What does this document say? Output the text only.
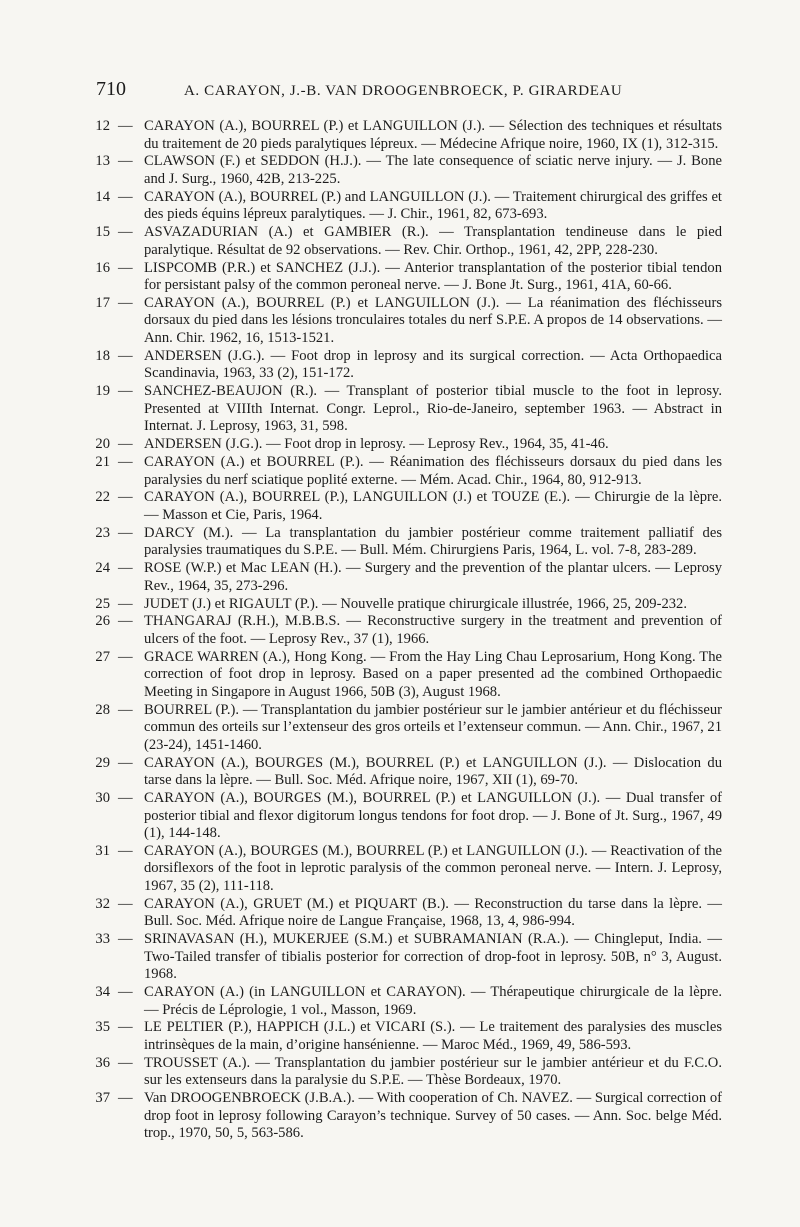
710	A. CARAYON, J.-B. VAN DROOGENBROECK, P. GIRARDEAU
12 — CARAYON (A.), BOURREL (P.) et LANGUILLON (J.). — Sélection des techniques et résultats du traitement de 20 pieds paralytiques lépreux. — Médecine Afrique noire, 1960, IX (1), 312-315.
13 — CLAWSON (F.) et SEDDON (H.J.). — The late consequence of sciatic nerve injury. — J. Bone and J. Surg., 1960, 42B, 213-225.
14 — CARAYON (A.), BOURREL (P.) and LANGUILLON (J.). — Traitement chirurgical des griffes et des pieds équins lépreux paralytiques. — J. Chir., 1961, 82, 673-693.
15 — ASVAZADURIAN (A.) et GAMBIER (R.). — Transplantation tendineuse dans le pied paralytique. Résultat de 92 observations. — Rev. Chir. Orthop., 1961, 42, 2PP, 228-230.
16 — LISPCOMB (P.R.) et SANCHEZ (J.J.). — Anterior transplantation of the posterior tibial tendon for persistant palsy of the common peroneal nerve. — J. Bone Jt. Surg., 1961, 41A, 60-66.
17 — CARAYON (A.), BOURREL (P.) et LANGUILLON (J.). — La réanimation des fléchisseurs dorsaux du pied dans les lésions tronculaires totales du nerf S.P.E. A propos de 14 observations. — Ann. Chir. 1962, 16, 1513-1521.
18 — ANDERSEN (J.G.). — Foot drop in leprosy and its surgical correction. — Acta Orthopaedica Scandinavia, 1963, 33 (2), 151-172.
19 — SANCHEZ-BEAUJON (R.). — Transplant of posterior tibial muscle to the foot in leprosy. Presented at VIIIth Internat. Congr. Leprol., Rio-de-Janeiro, september 1963. — Abstract in Internat. J. Leprosy, 1963, 31, 598.
20 — ANDERSEN (J.G.). — Foot drop in leprosy. — Leprosy Rev., 1964, 35, 41-46.
21 — CARAYON (A.) et BOURREL (P.). — Réanimation des fléchisseurs dorsaux du pied dans les paralysies du nerf sciatique poplité externe. — Mém. Acad. Chir., 1964, 80, 912-913.
22 — CARAYON (A.), BOURREL (P.), LANGUILLON (J.) et TOUZE (E.). — Chirurgie de la lèpre. — Masson et Cie, Paris, 1964.
23 — DARCY (M.). — La transplantation du jambier postérieur comme traitement palliatif des paralysies traumatiques du S.P.E. — Bull. Mém. Chirurgiens Paris, 1964, L. vol. 7-8, 283-289.
24 — ROSE (W.P.) et Mac LEAN (H.). — Surgery and the prevention of the plantar ulcers. — Leprosy Rev., 1964, 35, 273-296.
25 — JUDET (J.) et RIGAULT (P.). — Nouvelle pratique chirurgicale illustrée, 1966, 25, 209-232.
26 — THANGARAJ (R.H.), M.B.B.S. — Reconstructive surgery in the treatment and prevention of ulcers of the foot. — Leprosy Rev., 37 (1), 1966.
27 — GRACE WARREN (A.), Hong Kong. — From the Hay Ling Chau Leprosarium, Hong Kong. The correction of foot drop in leprosy. Based on a paper presented ad the combined Orthopaedic Meeting in Singapore in August 1966, 50B (3), August 1968.
28 — BOURREL (P.). — Transplantation du jambier postérieur sur le jambier antérieur et du fléchisseur commun des orteils sur l’extenseur des gros orteils et l’extenseur commun. — Ann. Chir., 1967, 21 (23-24), 1451-1460.
29 — CARAYON (A.), BOURGES (M.), BOURREL (P.) et LANGUILLON (J.). — Dislocation du tarse dans la lèpre. — Bull. Soc. Méd. Afrique noire, 1967, XII (1), 69-70.
30 — CARAYON (A.), BOURGES (M.), BOURREL (P.) et LANGUILLON (J.). — Dual transfer of posterior tibial and flexor digitorum longus tendons for foot drop. — J. Bone of Jt. Surg., 1967, 49 (1), 144-148.
31 — CARAYON (A.), BOURGES (M.), BOURREL (P.) et LANGUILLON (J.). — Reactivation of the dorsiflexors of the foot in leprotic paralysis of the common peroneal nerve. — Intern. J. Leprosy, 1967, 35 (2), 111-118.
32 — CARAYON (A.), GRUET (M.) et PIQUART (B.). — Reconstruction du tarse dans la lèpre. — Bull. Soc. Méd. Afrique noire de Langue Française, 1968, 13, 4, 986-994.
33 — SRINAVASAN (H.), MUKERJEE (S.M.) et SUBRAMANIAN (R.A.). — Chingleput, India. — Two-Tailed transfer of tibialis posterior for correction of drop-foot in leprosy. 50B, n° 3, August. 1968.
34 — CARAYON (A.) (in LANGUILLON et CARAYON). — Thérapeutique chirurgicale de la lèpre. — Précis de Léprologie, 1 vol., Masson, 1969.
35 — LE PELTIER (P.), HAPPICH (J.L.) et VICARI (S.). — Le traitement des paralysies des muscles intrinsèques de la main, d’origine hansénienne. — Maroc Méd., 1969, 49, 586-593.
36 — TROUSSET (A.). — Transplantation du jambier postérieur sur le jambier antérieur et du F.C.O. sur les extenseurs dans la paralysie du S.P.E. — Thèse Bordeaux, 1970.
37 — Van DROOGENBROECK (J.B.A.). — With cooperation of Ch. NAVEZ. — Surgical correction of drop foot in leprosy following Carayon’s technique. Survey of 50 cases. — Ann. Soc. belge Méd. trop., 1970, 50, 5, 563-586.
